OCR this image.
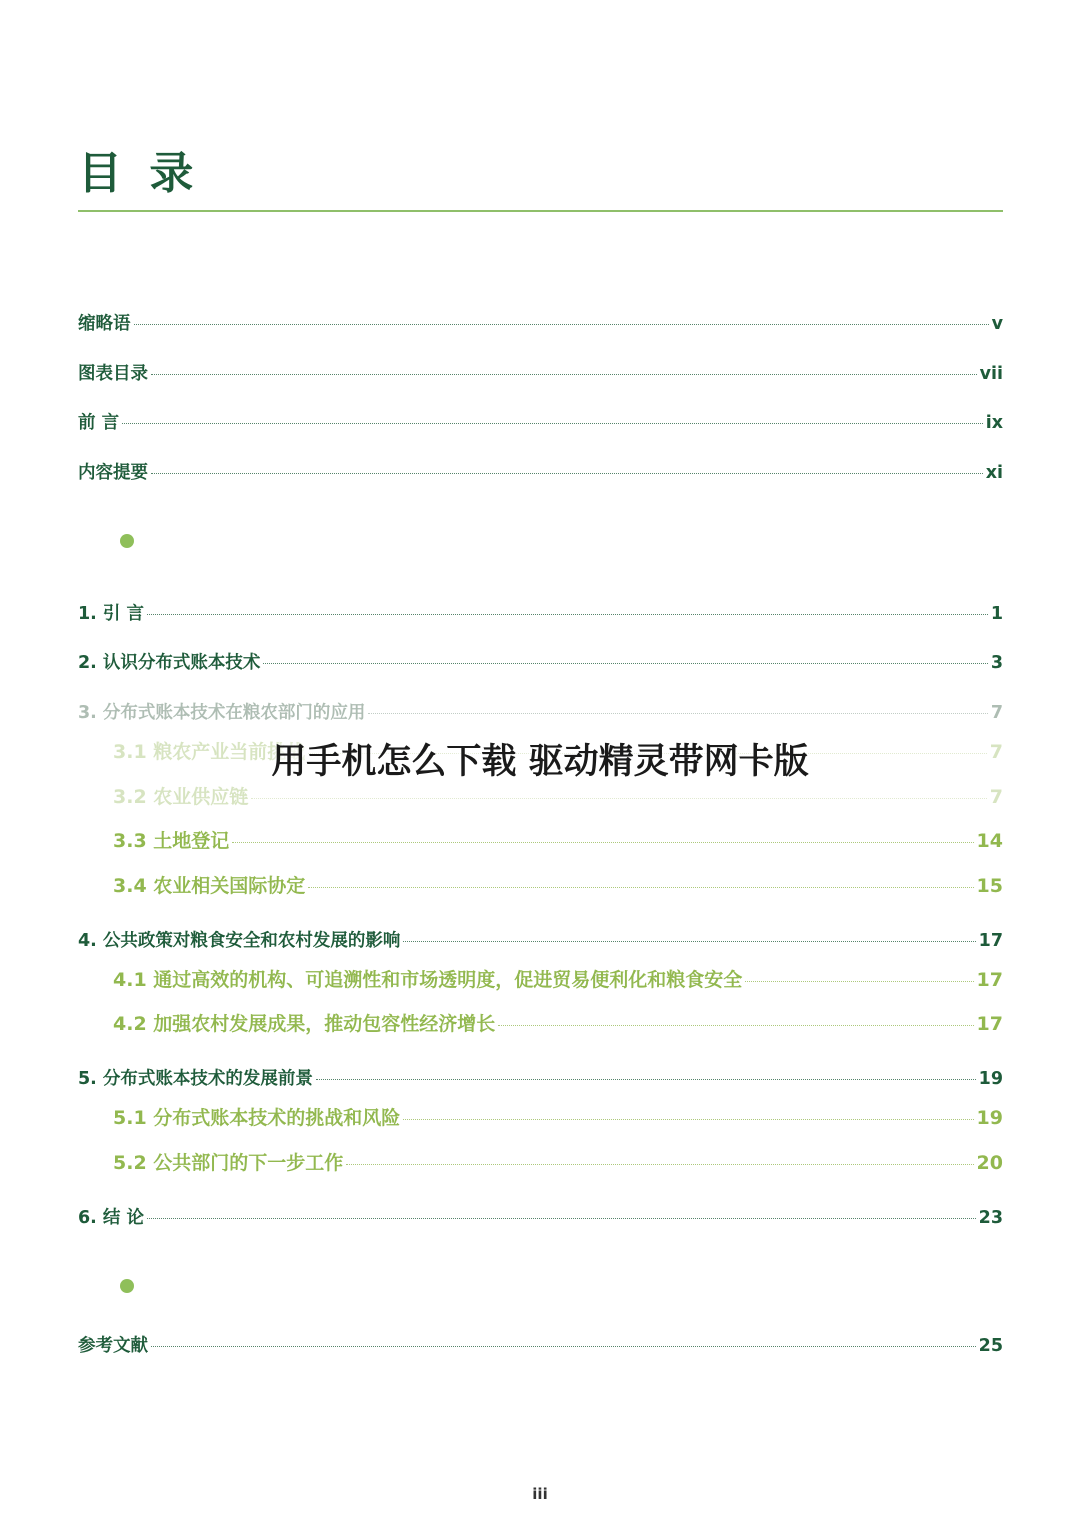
目 录
缩略语	v
图表目录	vii
前 言	ix
内容提要	xi
1. 引 言	1
2. 认识分布式账本技术	3
3. 分布式账本技术在粮农部门的应用	7
3.1 粮农产业当前挑战	7
3.2 农业供应链	7
3.3 土地登记	14
3.4 农业相关国际协定	15
4. 公共政策对粮食安全和农村发展的影响	17
4.1 通过高效的机构、可追溯性和市场透明度，促进贸易便利化和粮食安全	17
4.2 加强农村发展成果，推动包容性经济增长	17
5. 分布式账本技术的发展前景	19
5.1 分布式账本技术的挑战和风险	19
5.2 公共部门的下一步工作	20
6. 结 论	23
参考文献	25
用手机怎么下载 驱动精灵带网卡版
iii
